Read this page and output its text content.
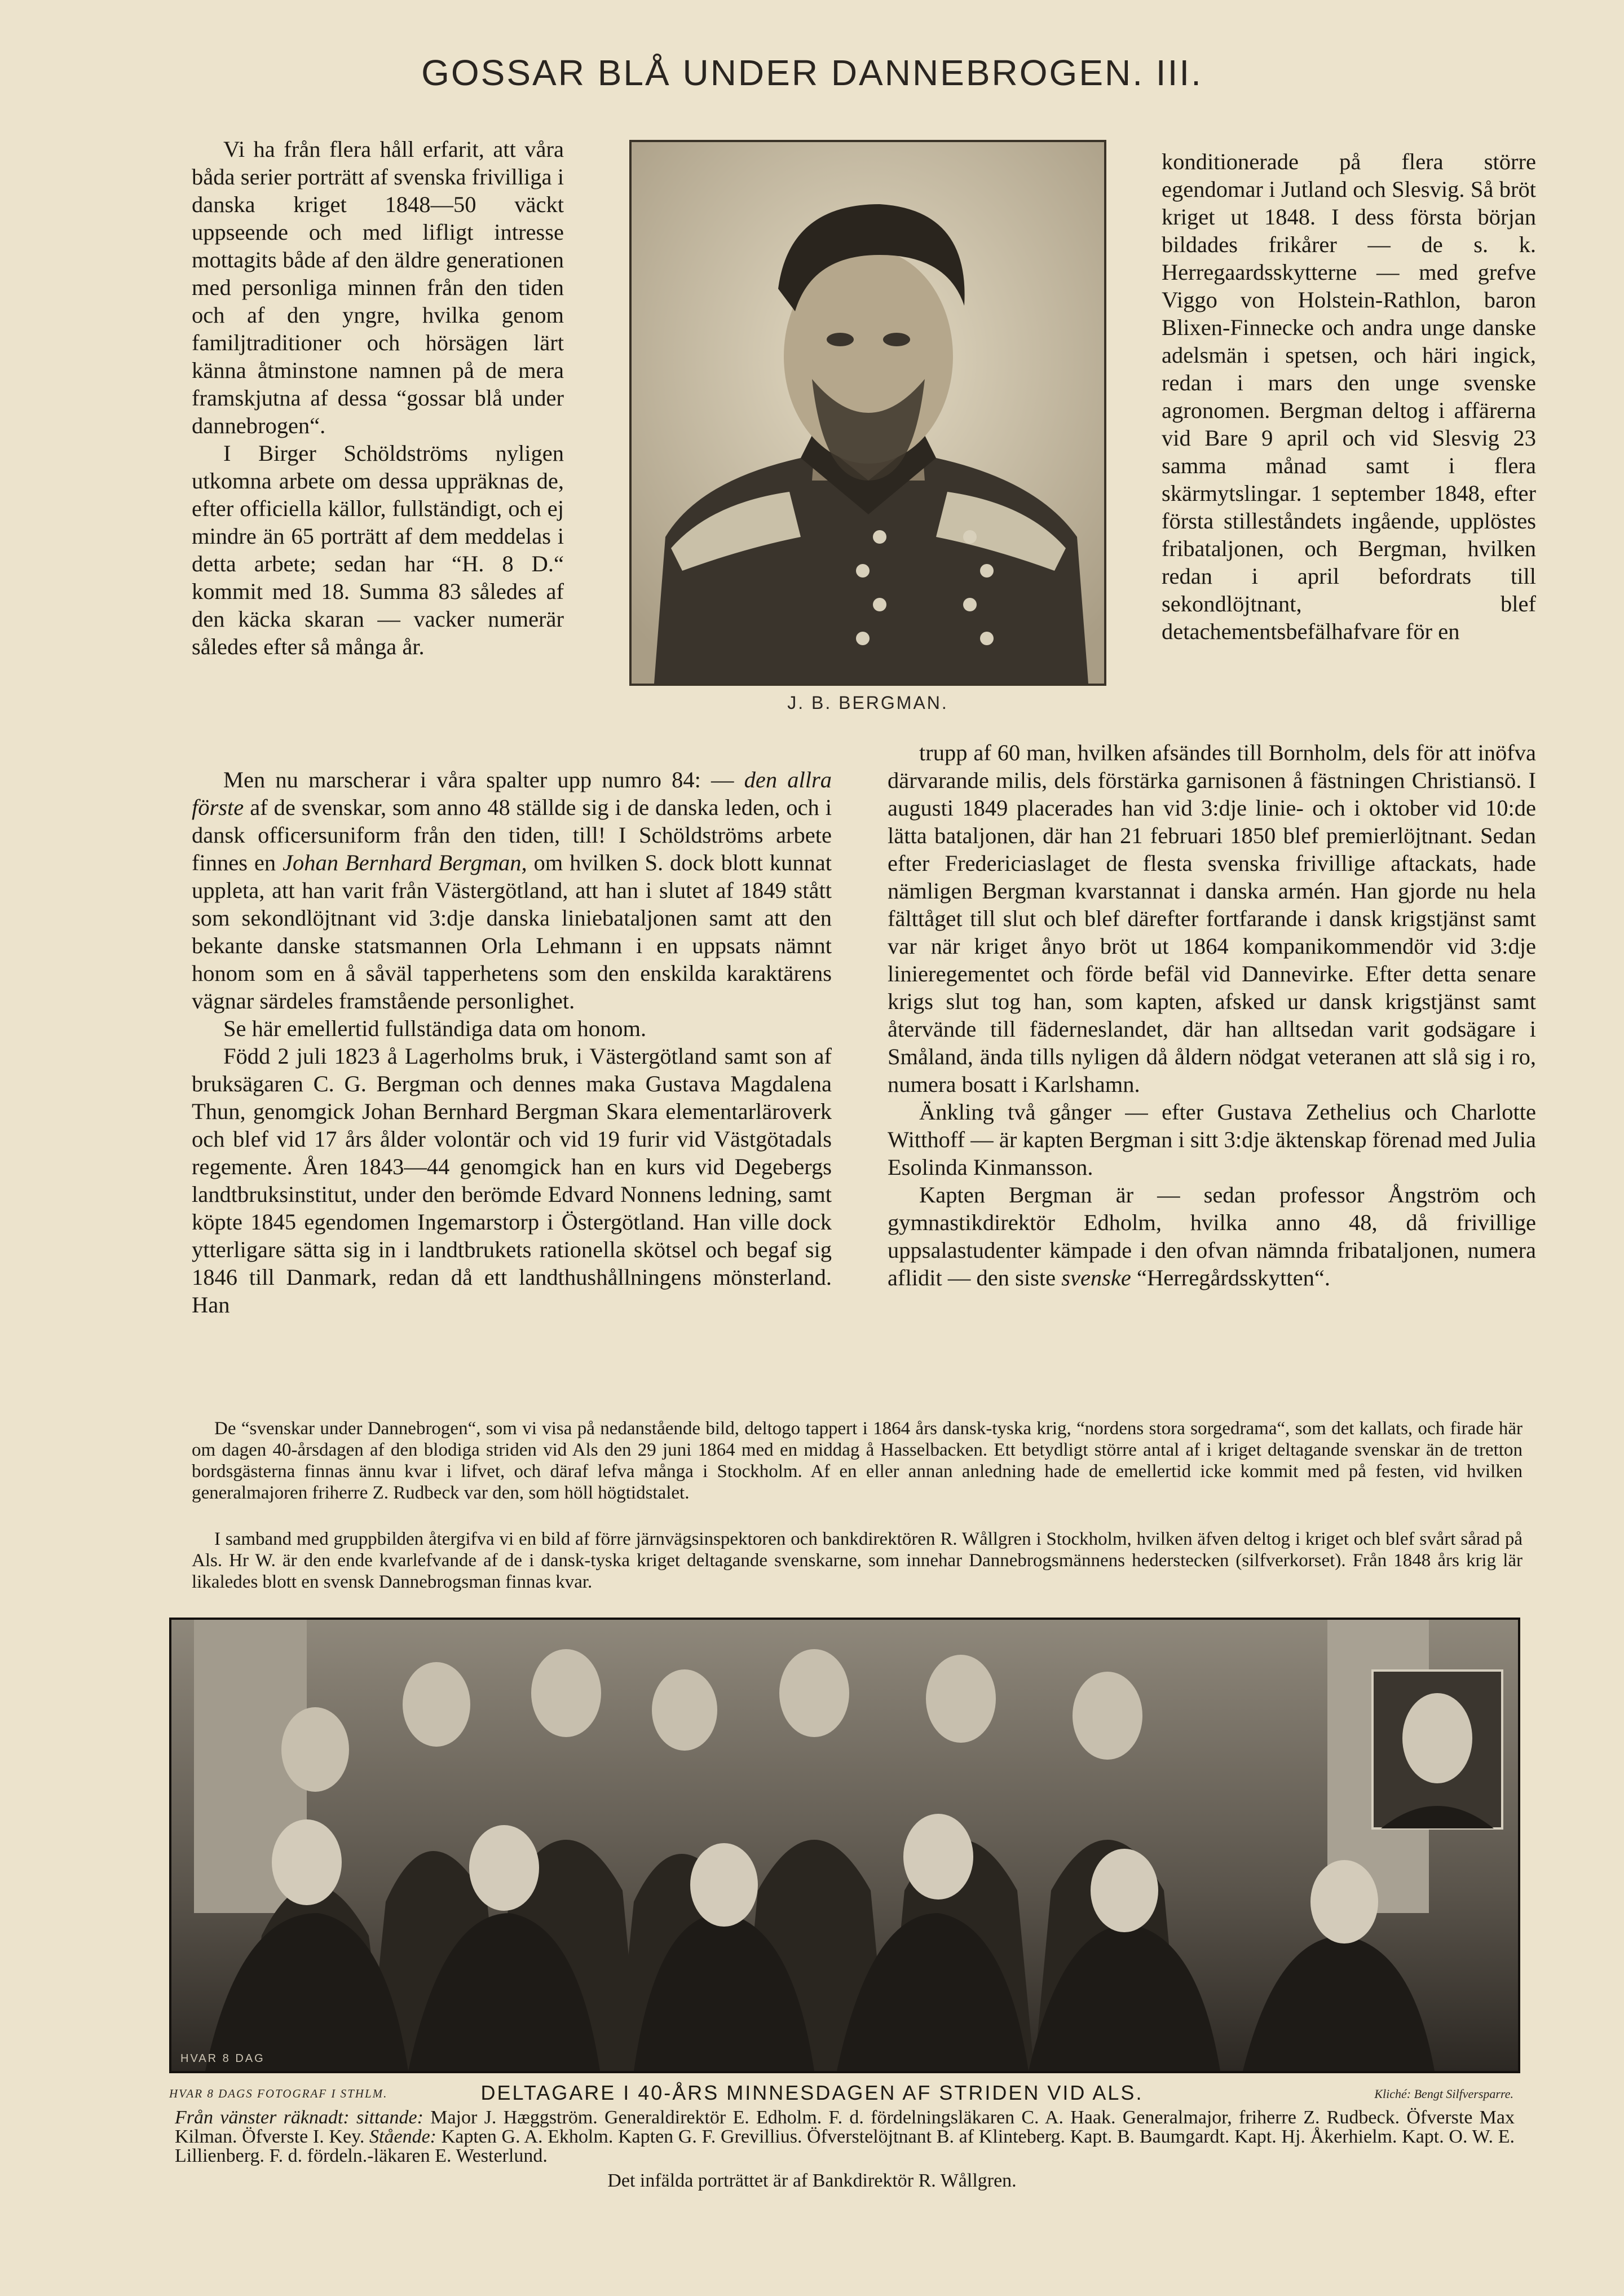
GOSSAR BLÅ UNDER DANNEBROGEN. III.

Vi ha från flera håll erfarit, att våra båda serier porträtt af svenska frivilliga i danska kriget 1848—50 väckt uppseende och med lifligt intresse mottagits både af den äldre generationen med personliga minnen från den tiden och af den yngre, hvilka genom familjtraditioner och hörsägen lärt känna åtminstone namnen på de mera framskjutna af dessa “gossar blå under dannebrogen“.

I Birger Schöldströms nyligen utkomna arbete om dessa uppräknas de, efter officiella källor, fullständigt, och ej mindre än 65 porträtt af dem meddelas i detta arbete; sedan har “H. 8 D.“ kommit med 18. Summa 83 således af den käcka skaran — vacker numerär således efter så många år.

J. B. BERGMAN.

konditionerade på flera större egendomar i Jutland och Slesvig. Så bröt kriget ut 1848. I dess första början bildades frikårer — de s. k. Herregaardsskytterne — med grefve Viggo von Holstein-Rathlon, baron Blixen-Finnecke och andra unge danske adelsmän i spetsen, och häri ingick, redan i mars den unge svenske agronomen. Bergman deltog i affärerna vid Bare 9 april och vid Slesvig 23 samma månad samt i flera skärmytslingar. 1 september 1848, efter första stilleståndets ingående, upplöstes fribataljonen, och Bergman, hvilken redan i april befordrats till sekondlöjtnant, blef detachementsbefälhafvare för en

Men nu marscherar i våra spalter upp numro 84: — den allra förste af de svenskar, som anno 48 ställde sig i de danska leden, och i dansk officersuniform från den tiden, till! I Schöldströms arbete finnes en Johan Bernhard Bergman, om hvilken S. dock blott kunnat uppleta, att han varit från Västergötland, att han i slutet af 1849 stått som sekondlöjtnant vid 3:dje danska liniebataljonen samt att den bekante danske statsmannen Orla Lehmann i en uppsats nämnt honom som en å såväl tapperhetens som den enskilda karaktärens vägnar särdeles framstående personlighet.

Se här emellertid fullständiga data om honom.

Född 2 juli 1823 å Lagerholms bruk, i Västergötland samt son af bruksägaren C. G. Bergman och dennes maka Gustava Magdalena Thun, genomgick Johan Bernhard Bergman Skara elementarläroverk och blef vid 17 års ålder volontär och vid 19 furir vid Västgötadals regemente. Åren 1843—44 genomgick han en kurs vid Degebergs landtbruksinstitut, under den berömde Edvard Nonnens ledning, samt köpte 1845 egendomen Ingemarstorp i Östergötland. Han ville dock ytterligare sätta sig in i landtbrukets rationella skötsel och begaf sig 1846 till Danmark, redan då ett landthushållningens mönsterland. Han

trupp af 60 man, hvilken afsändes till Bornholm, dels för att inöfva därvarande milis, dels förstärka garnisonen å fästningen Christiansö. I augusti 1849 placerades han vid 3:dje linie- och i oktober vid 10:de lätta bataljonen, där han 21 februari 1850 blef premierlöjtnant. Sedan efter Fredericiaslaget de flesta svenska frivillige aftackats, hade nämligen Bergman kvarstannat i danska armén. Han gjorde nu hela fälttåget till slut och blef därefter fortfarande i dansk krigstjänst samt var när kriget ånyo bröt ut 1864 kompanikommendör vid 3:dje linieregementet och förde befäl vid Dannevirke. Efter detta senare krigs slut tog han, som kapten, afsked ur dansk krigstjänst samt återvände till fäderneslandet, där han alltsedan varit godsägare i Småland, ända tills nyligen då åldern nödgat veteranen att slå sig i ro, numera bosatt i Karlshamn.

Änkling två gånger — efter Gustava Zethelius och Charlotte Witthoff — är kapten Bergman i sitt 3:dje äktenskap förenad med Julia Esolinda Kinmansson.

Kapten Bergman är — sedan professor Ångström och gymnastikdirektör Edholm, hvilka anno 48, då frivillige uppsalastudenter kämpade i den ofvan nämnda fribataljonen, numera aflidit — den siste svenske “Herregårdsskytten“.

De “svenskar under Dannebrogen“, som vi visa på nedanstående bild, deltogo tappert i 1864 års dansk-tyska krig, “nordens stora sorgedrama“, som det kallats, och firade här om dagen 40-årsdagen af den blodiga striden vid Als den 29 juni 1864 med en middag å Hasselbacken. Ett betydligt större antal af i kriget deltagande svenskar än de tretton bordsgästerna finnas ännu kvar i lifvet, och däraf lefva många i Stockholm. Af en eller annan anledning hade de emellertid icke kommit med på festen, vid hvilken generalmajoren friherre Z. Rudbeck var den, som höll högtidstalet.

I samband med gruppbilden återgifva vi en bild af förre järnvägsinspektoren och bankdirektören R. Wållgren i Stockholm, hvilken äfven deltog i kriget och blef svårt sårad på Als. Hr W. är den ende kvarlefvande af de i dansk-tyska kriget deltagande svenskarne, som innehar Dannebrogsmännens hederstecken (silfverkorset). Från 1848 års krig lär likaledes blott en svensk Dannebrogsman finnas kvar.

HVAR 8 DAG
HVAR 8 DAGS FOTOGRAF I STHLM.	DELTAGARE I 40-ÅRS MINNESDAGEN AF STRIDEN VID ALS.	Kliché: Bengt Silfversparre.
Från vänster räknadt: sittande: Major J. Hæggström. Generaldirektör E. Edholm. F. d. fördelningsläkaren C. A. Haak. Generalmajor, friherre Z. Rudbeck. Öfverste Max Kilman. Öfverste I. Key. Stående: Kapten G. A. Ekholm. Kapten G. F. Grevillius. Öfverstelöjtnant B. af Klinteberg. Kapt. B. Baumgardt. Kapt. Hj. Åkerhielm. Kapt. O. W. E. Lillienberg. F. d. fördeln.-läkaren E. Westerlund.
Det infälda porträttet är af Bankdirektör R. Wållgren.
